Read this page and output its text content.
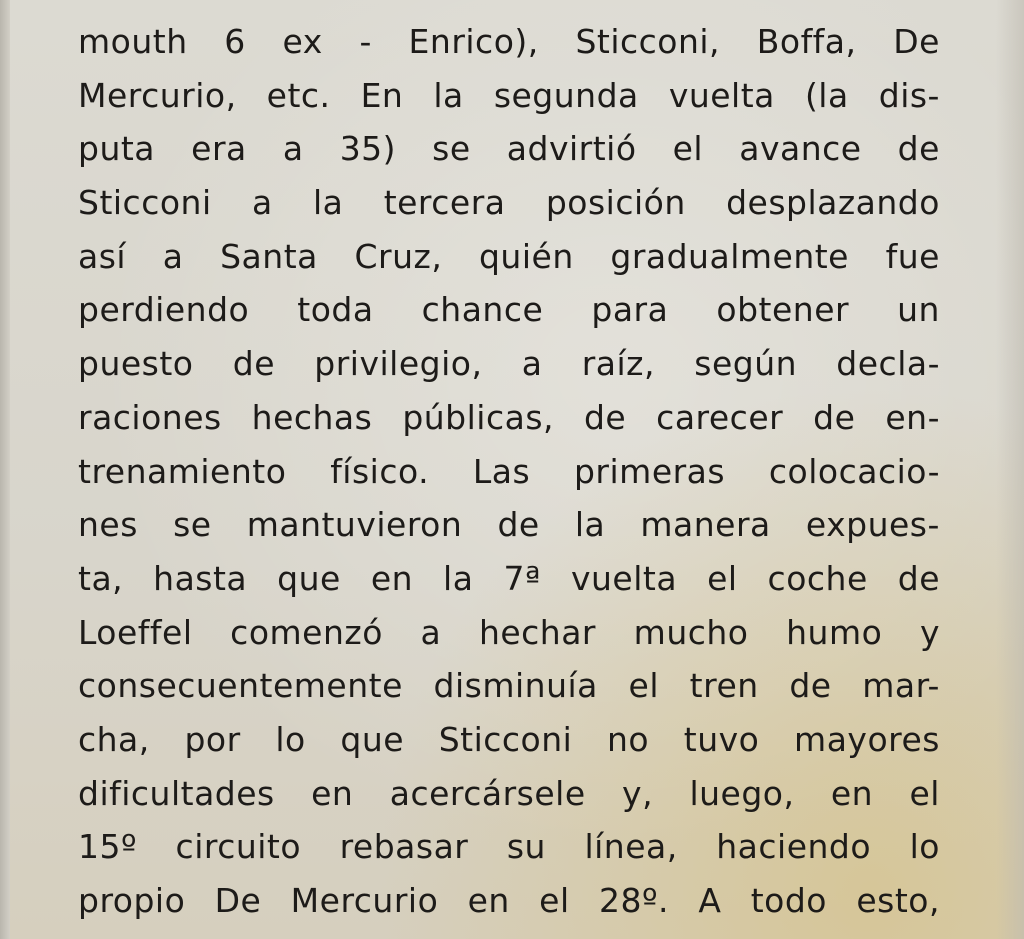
mouth 6 ex - Enrico), Sticconi, Boffa, De
Mercurio, etc. En la segunda vuelta (la dis-
puta era a 35) se advirtió el avance de
Sticconi a la tercera posición desplazando
así a Santa Cruz, quién gradualmente fue
perdiendo toda chance para obtener un
puesto de privilegio, a raíz, según decla-
raciones hechas públicas, de carecer de en-
trenamiento físico. Las primeras colocacio-
nes se mantuvieron de la manera expues-
ta, hasta que en la 7ª vuelta el coche de
Loeffel comenzó a hechar mucho humo y
consecuentemente disminuía el tren de mar-
cha, por lo que Sticconi no tuvo mayores
dificultades en acercársele y, luego, en el
15º circuito rebasar su línea, haciendo lo
propio De Mercurio en el 28º. A todo esto,
